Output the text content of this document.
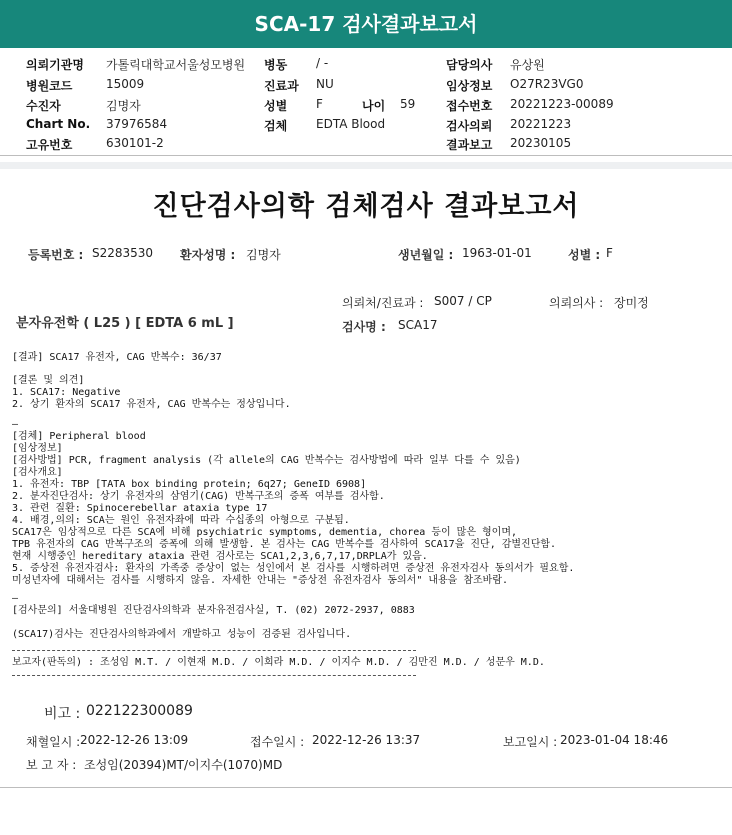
SCA-17 검사결과보고서
의뢰기관명 가톨릭대학교서울성모병원 병동 / -	담당의사 유상원
병원코드	15009	진료과 NU	임상정보 O27R23VG0
수진자	김명자	성별 F	나이 59	접수번호 20221223-00089
Chart No. 37976584	검체 EDTA Blood	검사의뢰 20221223
고유번호	630101-2	결과보고 20230105
진단검사의학 검체검사 결과보고서
등록번호 : S2283530 환자성명 : 김명자	생년월일 : 1963-01-01	성별 : F
의뢰처/진료과 : S007 / CP	의뢰의사 : 장미정
분자유전학 ( L25 ) [ EDTA 6 mL ]	검사명 : SCA17
[결과] SCA17 유전자, CAG 반복수: 36/37
[결론 및 의견]
1. SCA17: Negative
2. 상기 환자의 SCA17 유전자, CAG 반복수는 정상입니다.
—
[검체] Peripheral blood
[임상정보]
[검사방법] PCR, fragment analysis (각 allele의 CAG 반복수는 검사방법에 따라 일부 다를 수 있음)
[검사개요]
1. 유전자: TBP [TATA box binding protein; 6q27; GeneID 6908]
2. 분자진단검사: 상기 유전자의 삼염기(CAG) 반복구조의 증폭 여부를 검사함.
3. 관련 질환: Spinocerebellar ataxia type 17
4. 배경,의의: SCA는 원인 유전자좌에 따라 수십종의 아형으로 구분됨.
SCA17은 임상적으로 다른 SCA에 비해 psychiatric symptoms, dementia, chorea 등이 많은 형이며,
TPB 유전자의 CAG 반복구조의 증폭에 의해 발생함. 본 검사는 CAG 반복수를 검사하여 SCA17을 진단, 감별진단함.
현재 시행중인 hereditary ataxia 관련 검사로는 SCA1,2,3,6,7,17,DRPLA가 있음.
5. 증상전 유전자검사: 환자의 가족중 증상이 없는 성인에서 본 검사를 시행하려면 증상전 유전자검사 동의서가 필요함.
미성년자에 대해서는 검사를 시행하지 않음. 자세한 안내는 "증상전 유전자검사 동의서" 내용을 참조바람.
—
[검사문의] 서울대병원 진단검사의학과 분자유전검사실, T. (02) 2072-2937, 0883
(SCA17)검사는 진단검사의학과에서 개발하고 성능이 검증된 검사입니다.
보고자(판독의) : 조성임 M.T. / 이현재 M.D. / 이희라 M.D. / 이지수 M.D. / 김만진 M.D. / 성문우 M.D.
비고 : 022122300089
채혈일시 : 2022-12-26 13:09	접수일시 : 2022-12-26 13:37	보고일시 : 2023-01-04 18:46
보 고 자 : 조성임(20394)MT/이지수(1070)MD
